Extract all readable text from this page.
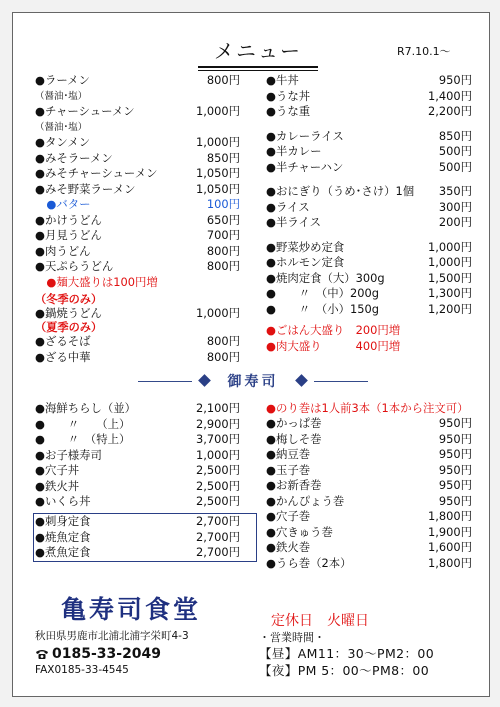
メニュー	R7.10.1～
●ラーメン	800円
（醤油･塩）
●チャーシューメン	1,000円
（醤油･塩）
●タンメン	1,000円
●みそラーメン	850円
●みそチャーシューメン	1,050円
●みそ野菜ラーメン	1,050円
　●バター	100円
●かけうどん	650円
●月見うどん	700円
●肉うどん	800円
●天ぷらうどん	800円
　●麺大盛りは100円増
（冬季のみ）
●鍋焼うどん	1,000円
（夏季のみ）
●ざるそば	800円
●ざる中華	800円
●牛丼	950円
●うな丼	1,400円
●うな重	2,200円
●カレーライス	850円
●半カレー	500円
●半チャーハン	500円
●おにぎり（うめ･さけ）1個 350円
●ライス	300円
●半ライス	200円
●野菜炒め定食	1,000円
●ホルモン定食	1,000円
●焼肉定食（大）300g	1,500円
●　　〃　（中）200g	1,300円
●　　〃　（小）150g	1,200円
●ごはん大盛り　200円増
●肉大盛り　　　400円増
御寿司
●海鮮ちらし（並）	2,100円
●　　〃　　（上）	2,900円
●　　〃　（特上）	3,700円
●お子様寿司	1,000円
●穴子丼	2,500円
●鉄火丼	2,500円
●いくら丼	2,500円
●刺身定食	2,700円
●焼魚定食	2,700円
●煮魚定食	2,700円
●のり巻は1人前3本（1本から注文可）
●かっぱ巻	950円
●梅しそ巻	950円
●納豆巻	950円
●玉子巻	950円
●お新香巻	950円
●かんぴょう巻	950円
●穴子巻	1,800円
●穴きゅう巻	1,900円
●鉄火巻	1,600円
●うら巻（2本）	1,800円
亀寿司食堂
秋田県男鹿市北浦北浦字栄町4-3
0185-33-2049
FAX0185-33-4545
定休日　火曜日
・営業時間・
【昼】AM11：30～PM2：00
【夜】PM 5：00～PM8：00
